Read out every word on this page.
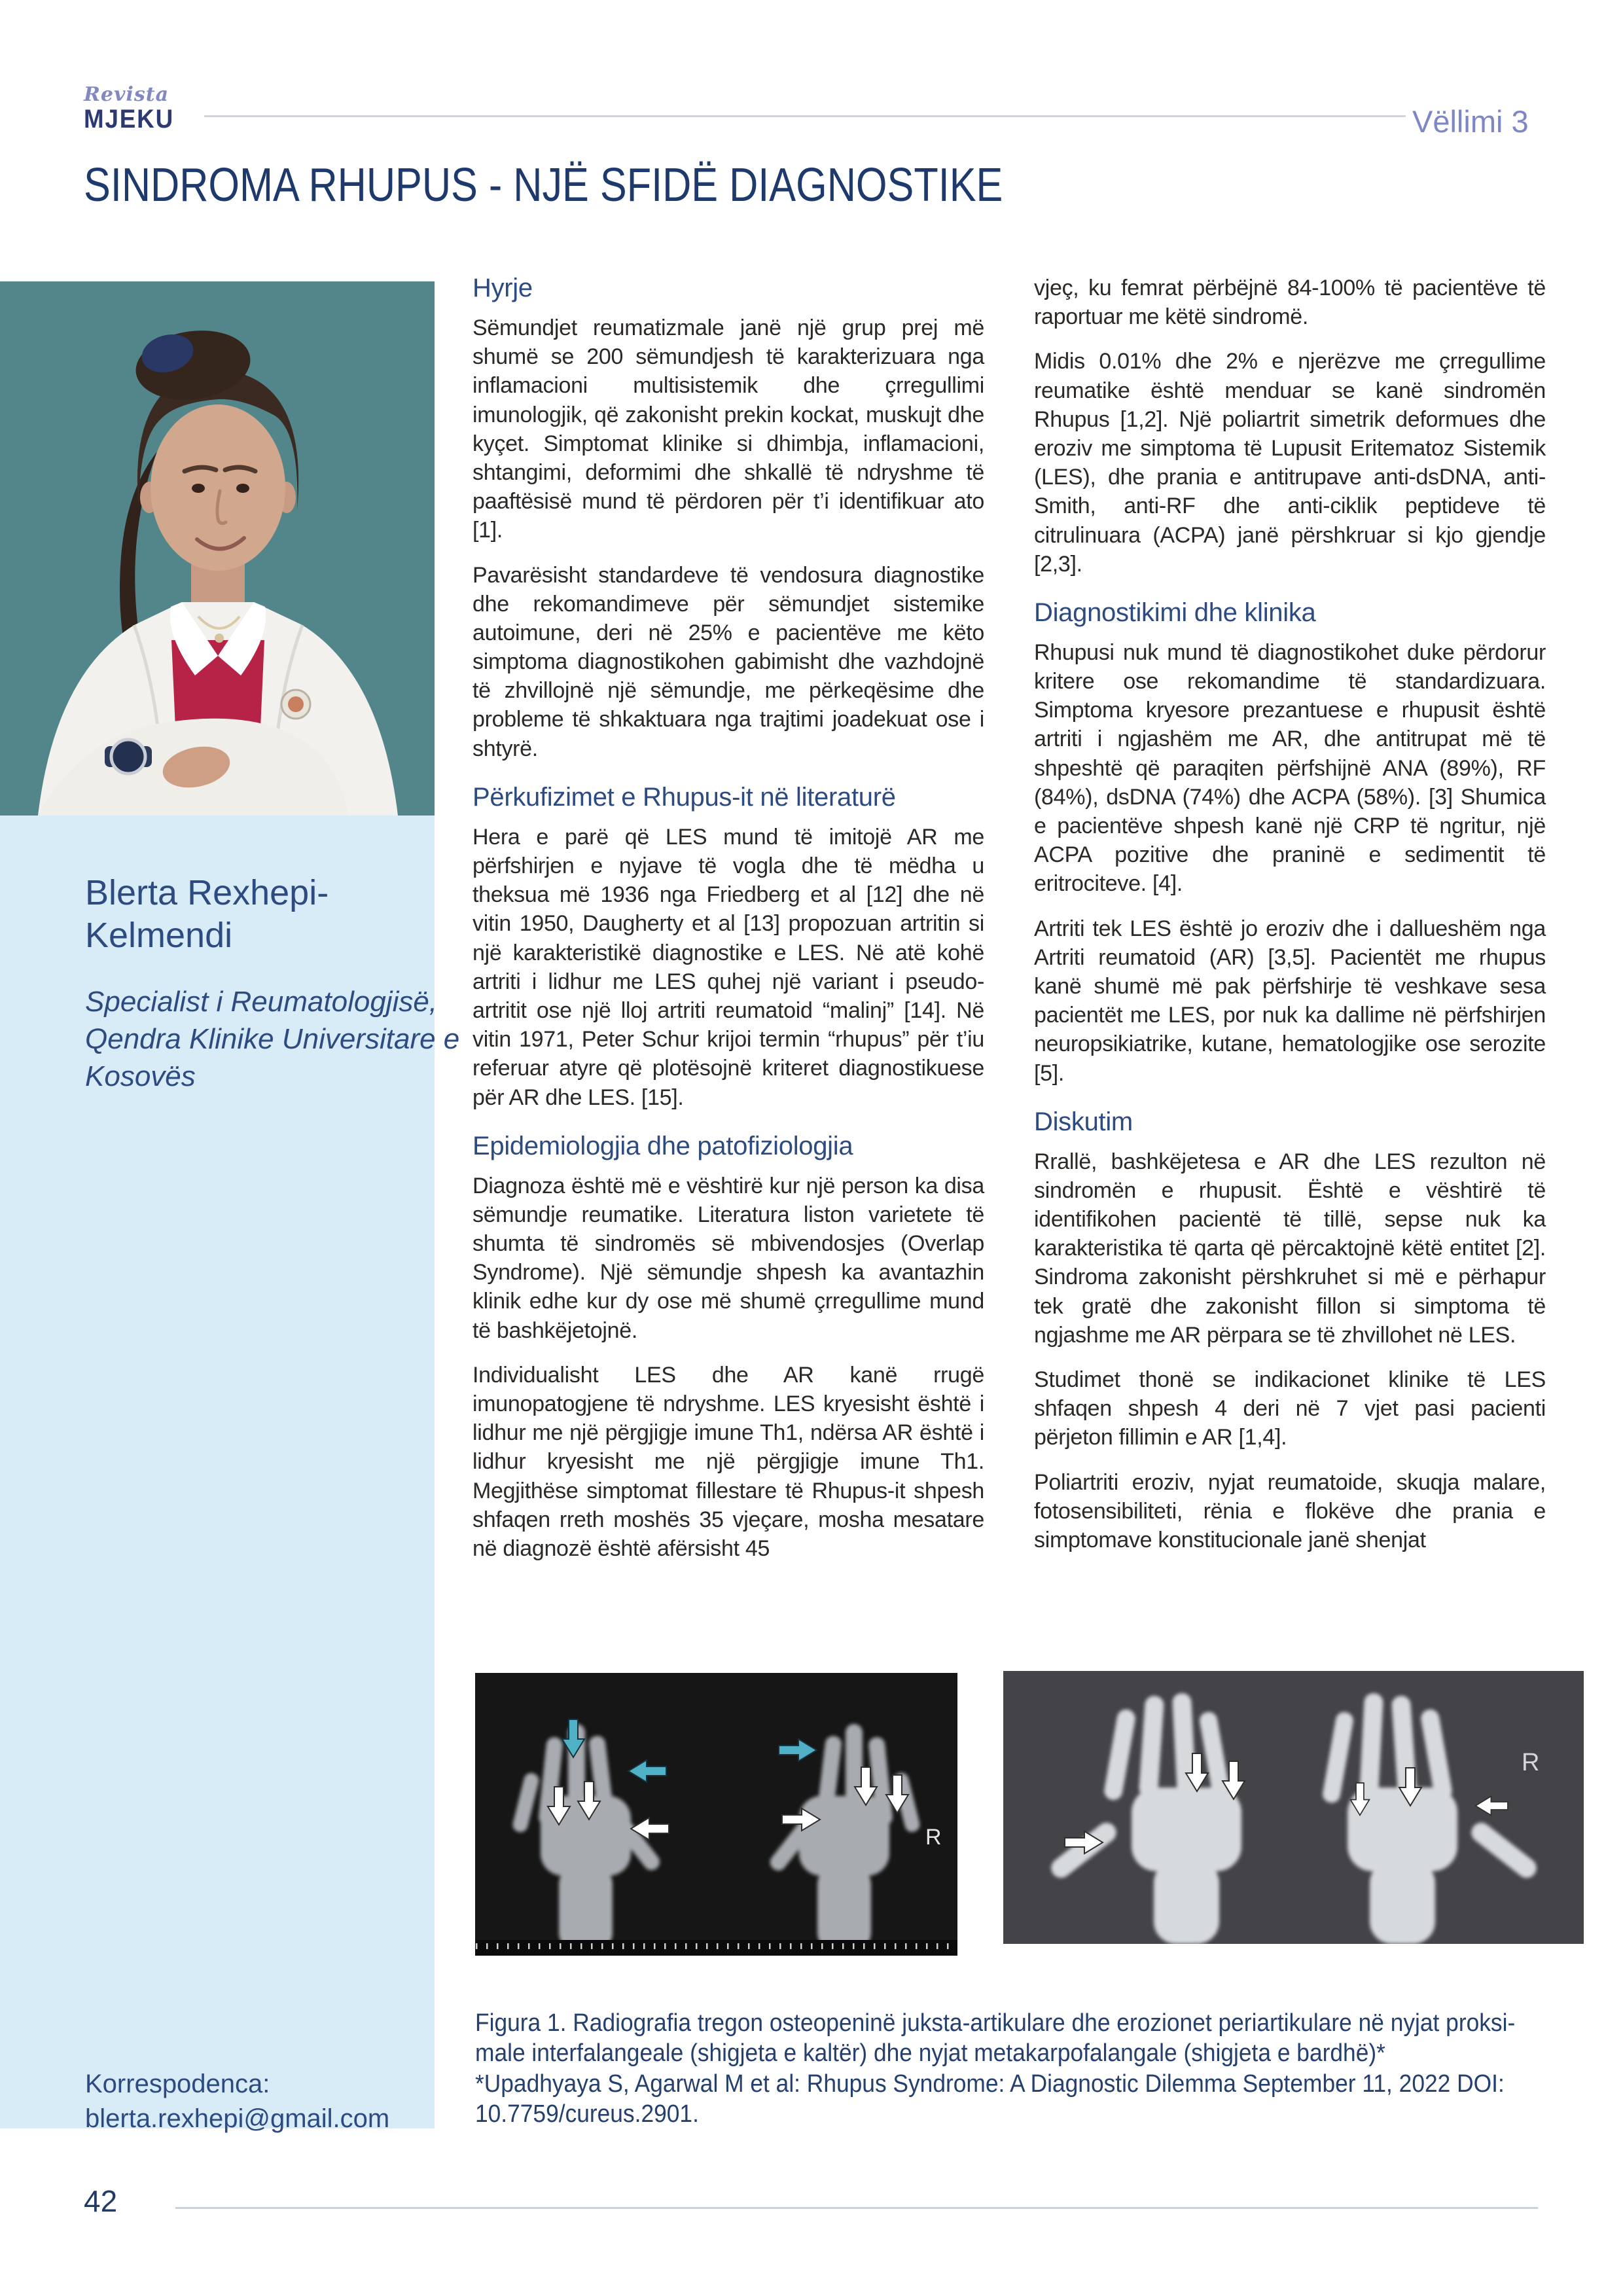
Revista
MJEKU	Vëllimi 3
SINDROMA RHUPUS - NJË SFIDË DIAGNOSTIKE
Blerta Rexhepi-
Kelmendi
Specialist i Reumatologjisë,
Qendra Klinike Universitare e
Kosovës
Korrespodenca:
blerta.rexhepi@gmail.com
Hyrje

Sëmundjet reumatizmale janë një grup prej më shumë se 200 sëmundjesh të karakterizuara nga inflamacioni multisistemik dhe çrregullimi imunologjik, që zakonisht prekin kockat, muskujt dhe kyçet. Simptomat klinike si dhimbja, inflamacioni, shtangimi, deformimi dhe shkallë të ndryshme të paaftësisë mund të përdoren për t’i identifikuar ato [1].

Pavarësisht standardeve të vendosura diagnostike dhe rekomandimeve për sëmundjet sistemike autoimune, deri në 25% e pacientëve me këto simptoma diagnostikohen gabimisht dhe vazhdojnë të zhvillojnë një sëmundje, me përkeqësime dhe probleme të shkaktuara nga trajtimi joadekuat ose i shtyrë.

Përkufizimet e Rhupus-it në literaturë

Hera e parë që LES mund të imitojë AR me përfshirjen e nyjave të vogla dhe të mëdha u theksua më 1936 nga Friedberg et al [12] dhe në vitin 1950, Daugherty et al [13] propozuan artritin si një karakteristikë diagnostike e LES. Në atë kohë artriti i lidhur me LES quhej një variant i pseudo-artritit ose një lloj artriti reumatoid “malinj” [14]. Në vitin 1971, Peter Schur krijoi termin “rhupus” për t’iu referuar atyre që plotësojnë kriteret diagnostikuese për AR dhe LES. [15].

Epidemiologjia dhe patofiziologjia

Diagnoza është më e vështirë kur një person ka disa sëmundje reumatike. Literatura liston varietete të shumta të sindromës së mbivendosjes (Overlap Syndrome). Një sëmundje shpesh ka avantazhin klinik edhe kur dy ose më shumë çrregullime mund të bashkëjetojnë.

Individualisht LES dhe AR kanë rrugë imunopatogjene të ndryshme. LES kryesisht është i lidhur me një përgjigje imune Th1, ndërsa AR është i lidhur kryesisht me një përgjigje imune Th1. Megjithëse simptomat fillestare të Rhupus-it shpesh shfaqen rreth moshës 35 vjeçare, mosha mesatare në diagnozë është afërsisht 45

vjeç, ku femrat përbëjnë 84-100% të pacientëve të raportuar me këtë sindromë.

Midis 0.01% dhe 2% e njerëzve me çrregullime reumatike është menduar se kanë sindromën Rhupus [1,2]. Një poliartrit simetrik deformues dhe eroziv me simptoma të Lupusit Eritematoz Sistemik (LES), dhe prania e antitrupave anti-dsDNA, anti-Smith, anti-RF dhe anti-ciklik peptideve të citrulinuara (ACPA) janë përshkruar si kjo gjendje [2,3].

Diagnostikimi dhe klinika

Rhupusi nuk mund të diagnostikohet duke përdorur kritere ose rekomandime të standardizuara. Simptoma kryesore prezantuese e rhupusit është artriti i ngjashëm me AR, dhe antitrupat më të shpeshtë që paraqiten përfshijnë ANA (89%), RF (84%), dsDNA (74%) dhe ACPA (58%). [3] Shumica e pacientëve shpesh kanë një CRP të ngritur, një ACPA pozitive dhe praninë e sedimentit të eritrociteve. [4].

Artriti tek LES është jo eroziv dhe i dallueshëm nga Artriti reumatoid (AR) [3,5]. Pacientët me rhupus kanë shumë më pak përfshirje të veshkave sesa pacientët me LES, por nuk ka dallime në përfshirjen neuropsikiatrike, kutane, hematologjike ose serozite [5].

Diskutim

Rrallë, bashkëjetesa e AR dhe LES rezulton në sindromën e rhupusit. Është e vështirë të identifikohen pacientë të tillë, sepse nuk ka karakteristika të qarta që përcaktojnë këtë entitet [2]. Sindroma zakonisht përshkruhet si më e përhapur tek gratë dhe zakonisht fillon si simptoma të ngjashme me AR përpara se të zhvillohet në LES.

Studimet thonë se indikacionet klinike të LES shfaqen shpesh 4 deri në 7 vjet pasi pacienti përjeton fillimin e AR [1,4].

Poliartriti eroziv, nyjat reumatoide, skuqja malare, fotosensibiliteti, rënia e flokëve dhe prania e simptomave konstitucionale janë shenjat

R
R
Figura 1. Radiografia tregon osteopeninë juksta-artikulare dhe erozionet periartikulare në nyjat proksi-
male interfalangeale (shigjeta e kaltër) dhe nyjat metakarpofalangale (shigjeta e bardhë)*
*Upadhyaya S, Agarwal M et al: Rhupus Syndrome: A Diagnostic Dilemma September 11, 2022 DOI:
10.7759/cureus.2901.
42
